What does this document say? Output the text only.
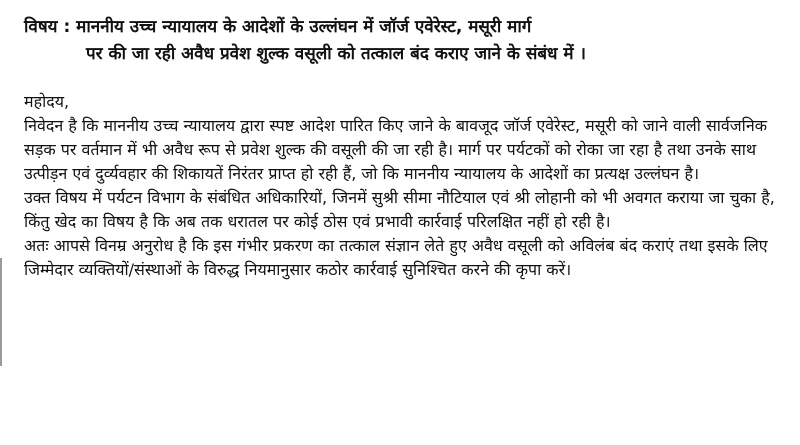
विषय : माननीय उच्च न्यायालय के आदेशों के उल्लंघन में जॉर्ज एवेरेस्ट, मसूरी मार्ग

पर की जा रही अवैध प्रवेश शुल्क वसूली को तत्काल बंद कराए जाने के संबंध में ।

महोदय,

निवेदन है कि माननीय उच्च न्यायालय द्वारा स्पष्ट आदेश पारित किए जाने के बावजूद जॉर्ज एवेरेस्ट, मसूरी को जाने वाली सार्वजनिक सड़क पर वर्तमान में भी अवैध रूप से प्रवेश शुल्क की वसूली की जा रही है। मार्ग पर पर्यटकों को रोका जा रहा है तथा उनके साथ उत्पीड़न एवं दुर्व्यवहार की शिकायतें निरंतर प्राप्त हो रही हैं, जो कि माननीय न्यायालय के आदेशों का प्रत्यक्ष उल्लंघन है।

उक्त विषय में पर्यटन विभाग के संबंधित अधिकारियों, जिनमें सुश्री सीमा नौटियाल एवं श्री लोहानी को भी अवगत कराया जा चुका है, किंतु खेद का विषय है कि अब तक धरातल पर कोई ठोस एवं प्रभावी कार्रवाई परिलक्षित नहीं हो रही है।

अतः आपसे विनम्र अनुरोध है कि इस गंभीर प्रकरण का तत्काल संज्ञान लेते हुए अवैध वसूली को अविलंब बंद कराएं तथा इसके लिए जिम्मेदार व्यक्तियों/संस्थाओं के विरुद्ध नियमानुसार कठोर कार्रवाई सुनिश्चित करने की कृपा करें।
